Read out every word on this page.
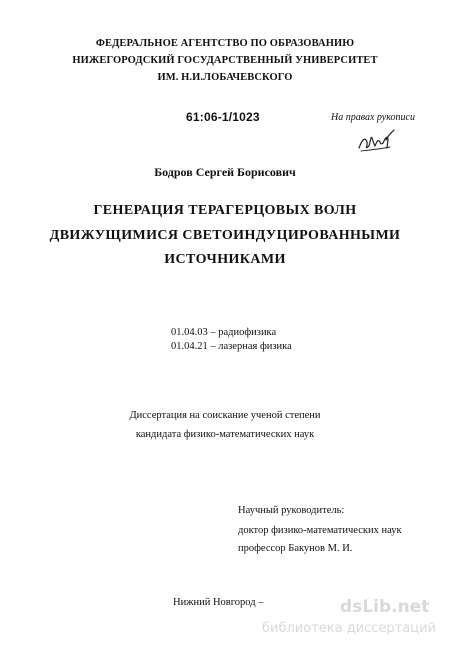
ФЕДЕРАЛЬНОЕ АГЕНТСТВО ПО ОБРАЗОВАНИЮ
НИЖЕГОРОДСКИЙ ГОСУДАРСТВЕННЫЙ УНИВЕРСИТЕТ
ИМ. Н.И.ЛОБАЧЕВСКОГО
61:06-1/1023	На правах рукописи
Бодров Сергей Борисович
ГЕНЕРАЦИЯ ТЕРАГЕРЦОВЫХ ВОЛН
ДВИЖУЩИМИСЯ СВЕТОИНДУЦИРОВАННЫМИ
ИСТОЧНИКАМИ
01.04.03 – радиофизика
01.04.21 – лазерная физика
Диссертация на соискание ученой степени
кандидата физико-математических наук
Научный руководитель:
доктор физико-математических наук
профессор Бакунов М. И.
Нижний Новгород –	dsLib.net
библиотека диссертаций
